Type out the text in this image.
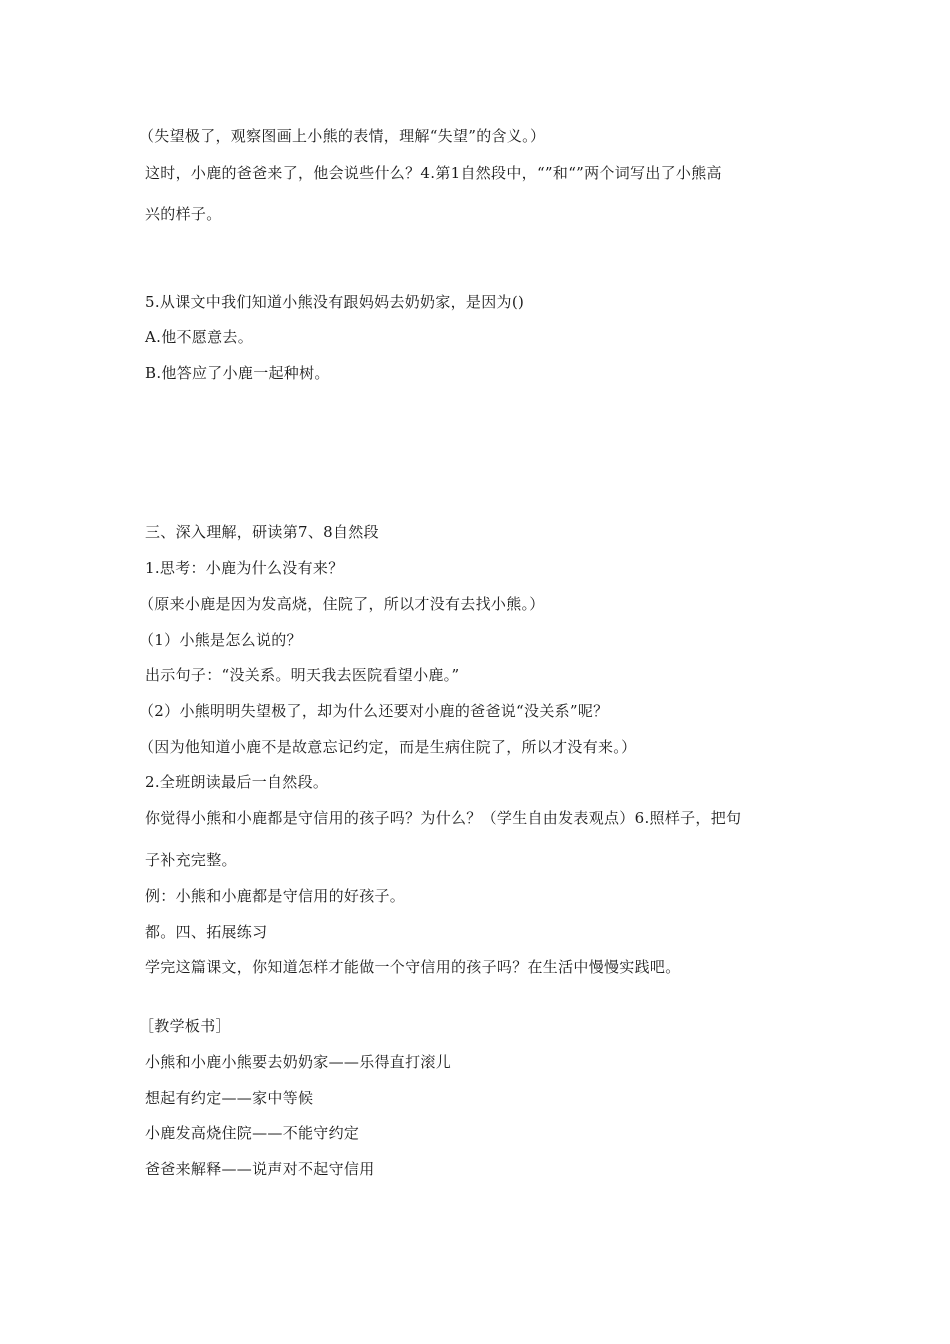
（失望极了，观察图画上小熊的表情，理解“失望”的含义。）
这时，小鹿的爸爸来了，他会说些什么？4.第1自然段中，“”和“”两个词写出了小熊高
兴的样子。
5.从课文中我们知道小熊没有跟妈妈去奶奶家，是因为()
A.他不愿意去。
B.他答应了小鹿一起种树。
三、深入理解，研读第7、8自然段
1.思考：小鹿为什么没有来？
（原来小鹿是因为发高烧，住院了，所以才没有去找小熊。）
（1）小熊是怎么说的？
出示句子：“没关系。明天我去医院看望小鹿。”
（2）小熊明明失望极了，却为什么还要对小鹿的爸爸说“没关系”呢？
（因为他知道小鹿不是故意忘记约定，而是生病住院了，所以才没有来。）
2.全班朗读最后一自然段。
你觉得小熊和小鹿都是守信用的孩子吗？为什么？（学生自由发表观点）6.照样子，把句
子补充完整。
例：小熊和小鹿都是守信用的好孩子。
都。四、拓展练习
学完这篇课文，你知道怎样才能做一个守信用的孩子吗？在生活中慢慢实践吧。
［教学板书］
小熊和小鹿小熊要去奶奶家——乐得直打滚儿
想起有约定——家中等候
小鹿发高烧住院——不能守约定
爸爸来解释——说声对不起守信用
